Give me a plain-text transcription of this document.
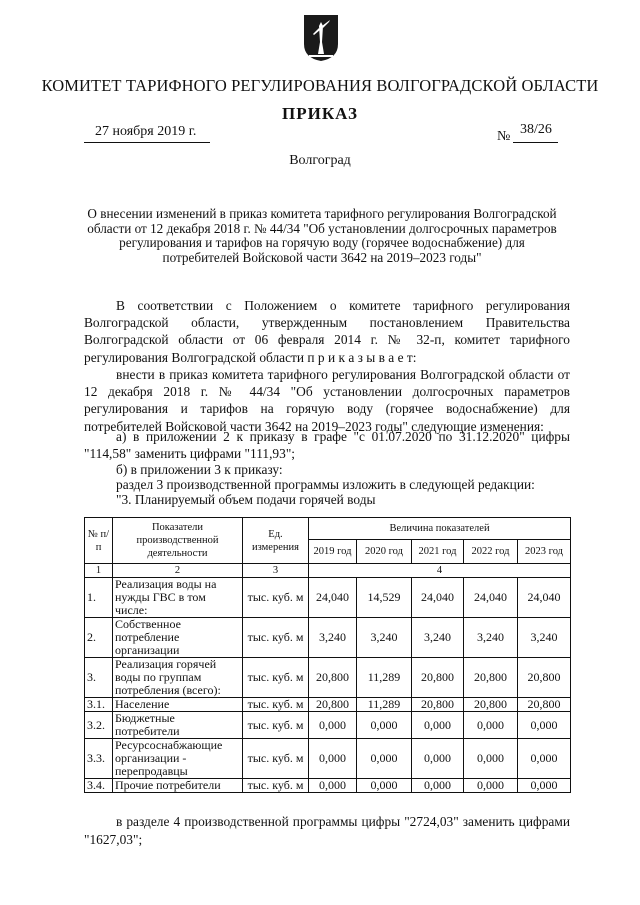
КОМИТЕТ ТАРИФНОГО РЕГУЛИРОВАНИЯ ВОЛГОГРАДСКОЙ ОБЛАСТИ
ПРИКАЗ
27 ноября 2019 г.	№ 38/26
Волгоград
О внесении изменений в приказ комитета тарифного регулирования Волгоградской области от 12 декабря 2018 г. № 44/34 "Об установлении долгосрочных параметров регулирования и тарифов на горячую воду (горячее водоснабжение) для потребителей Войсковой части 3642 на 2019–2023 годы"
В соответствии с Положением о комитете тарифного регулирования Волгоградской области, утвержденным постановлением Правительства Волгоградской области от 06 февраля 2014 г. № 32-п, комитет тарифного регулирования Волгоградской области п р и к а з ы в а е т:
внести в приказ комитета тарифного регулирования Волгоградской области от 12 декабря 2018 г. № 44/34 "Об установлении долгосрочных параметров регулирования и тарифов на горячую воду (горячее водоснабжение) для потребителей Войсковой части 3642 на 2019–2023 годы" следующие изменения:
а) в приложении 2 к приказу в графе "с 01.07.2020 по 31.12.2020" цифры "114,58" заменить цифрами "111,93";
б) в приложении 3 к приказу:
раздел 3 производственной программы изложить в следующей редакции:
"3. Планируемый объем подачи горячей воды
№ п/п	Показатели производственной деятельности	Ед. измерения	Величина показателей				
			2019 год	2020 год	2021 год	2022 год	2023 год
1	2	3	4				
1.	Реализация воды на нужды ГВС в том числе:	тыс. куб. м	24,040	14,529	24,040	24,040	24,040
2.	Собственное потребление организации	тыс. куб. м	3,240	3,240	3,240	3,240	3,240
3.	Реализация горячей воды по группам потребления (всего):	тыс. куб. м	20,800	11,289	20,800	20,800	20,800
3.1.	Население	тыс. куб. м	20,800	11,289	20,800	20,800	20,800
3.2.	Бюджетные потребители	тыс. куб. м	0,000	0,000	0,000	0,000	0,000
3.3.	Ресурсоснабжающие организации - перепродавцы	тыс. куб. м	0,000	0,000	0,000	0,000	0,000
3.4.	Прочие потребители	тыс. куб. м	0,000	0,000	0,000	0,000	0,000
в разделе 4 производственной программы цифры "2724,03" заменить цифрами "1627,03";
